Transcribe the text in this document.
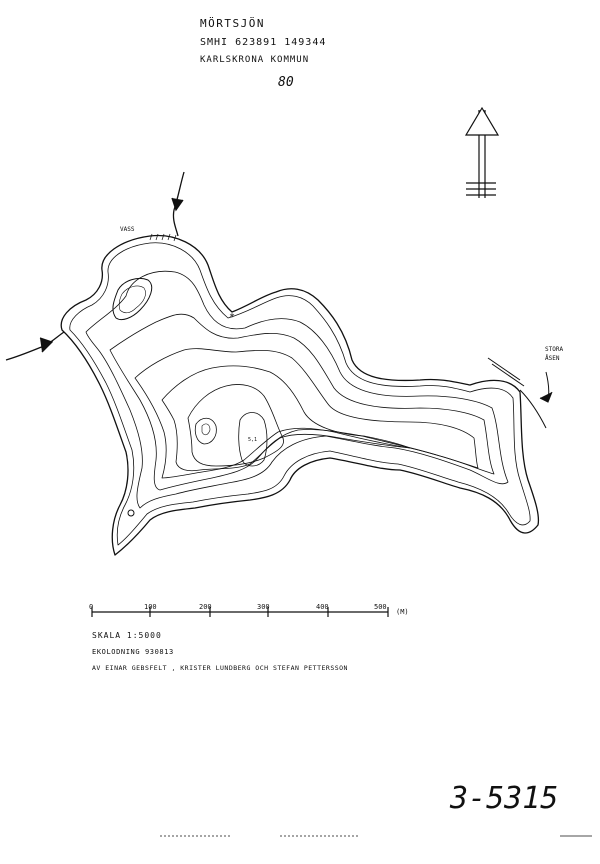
MÖRTSJÖN
SMHI 623891 149344
KARLSKRONA KOMMUN
80
*
VASS
STORA
ÅSEN
5,1
0	100	200	300	400	500
(M)
SKALA 1:5000
EKOLODNING 930813
AV EINAR GEBSFELT , KRISTER LUNDBERG OCH STEFAN PETTERSSON
3-5315
